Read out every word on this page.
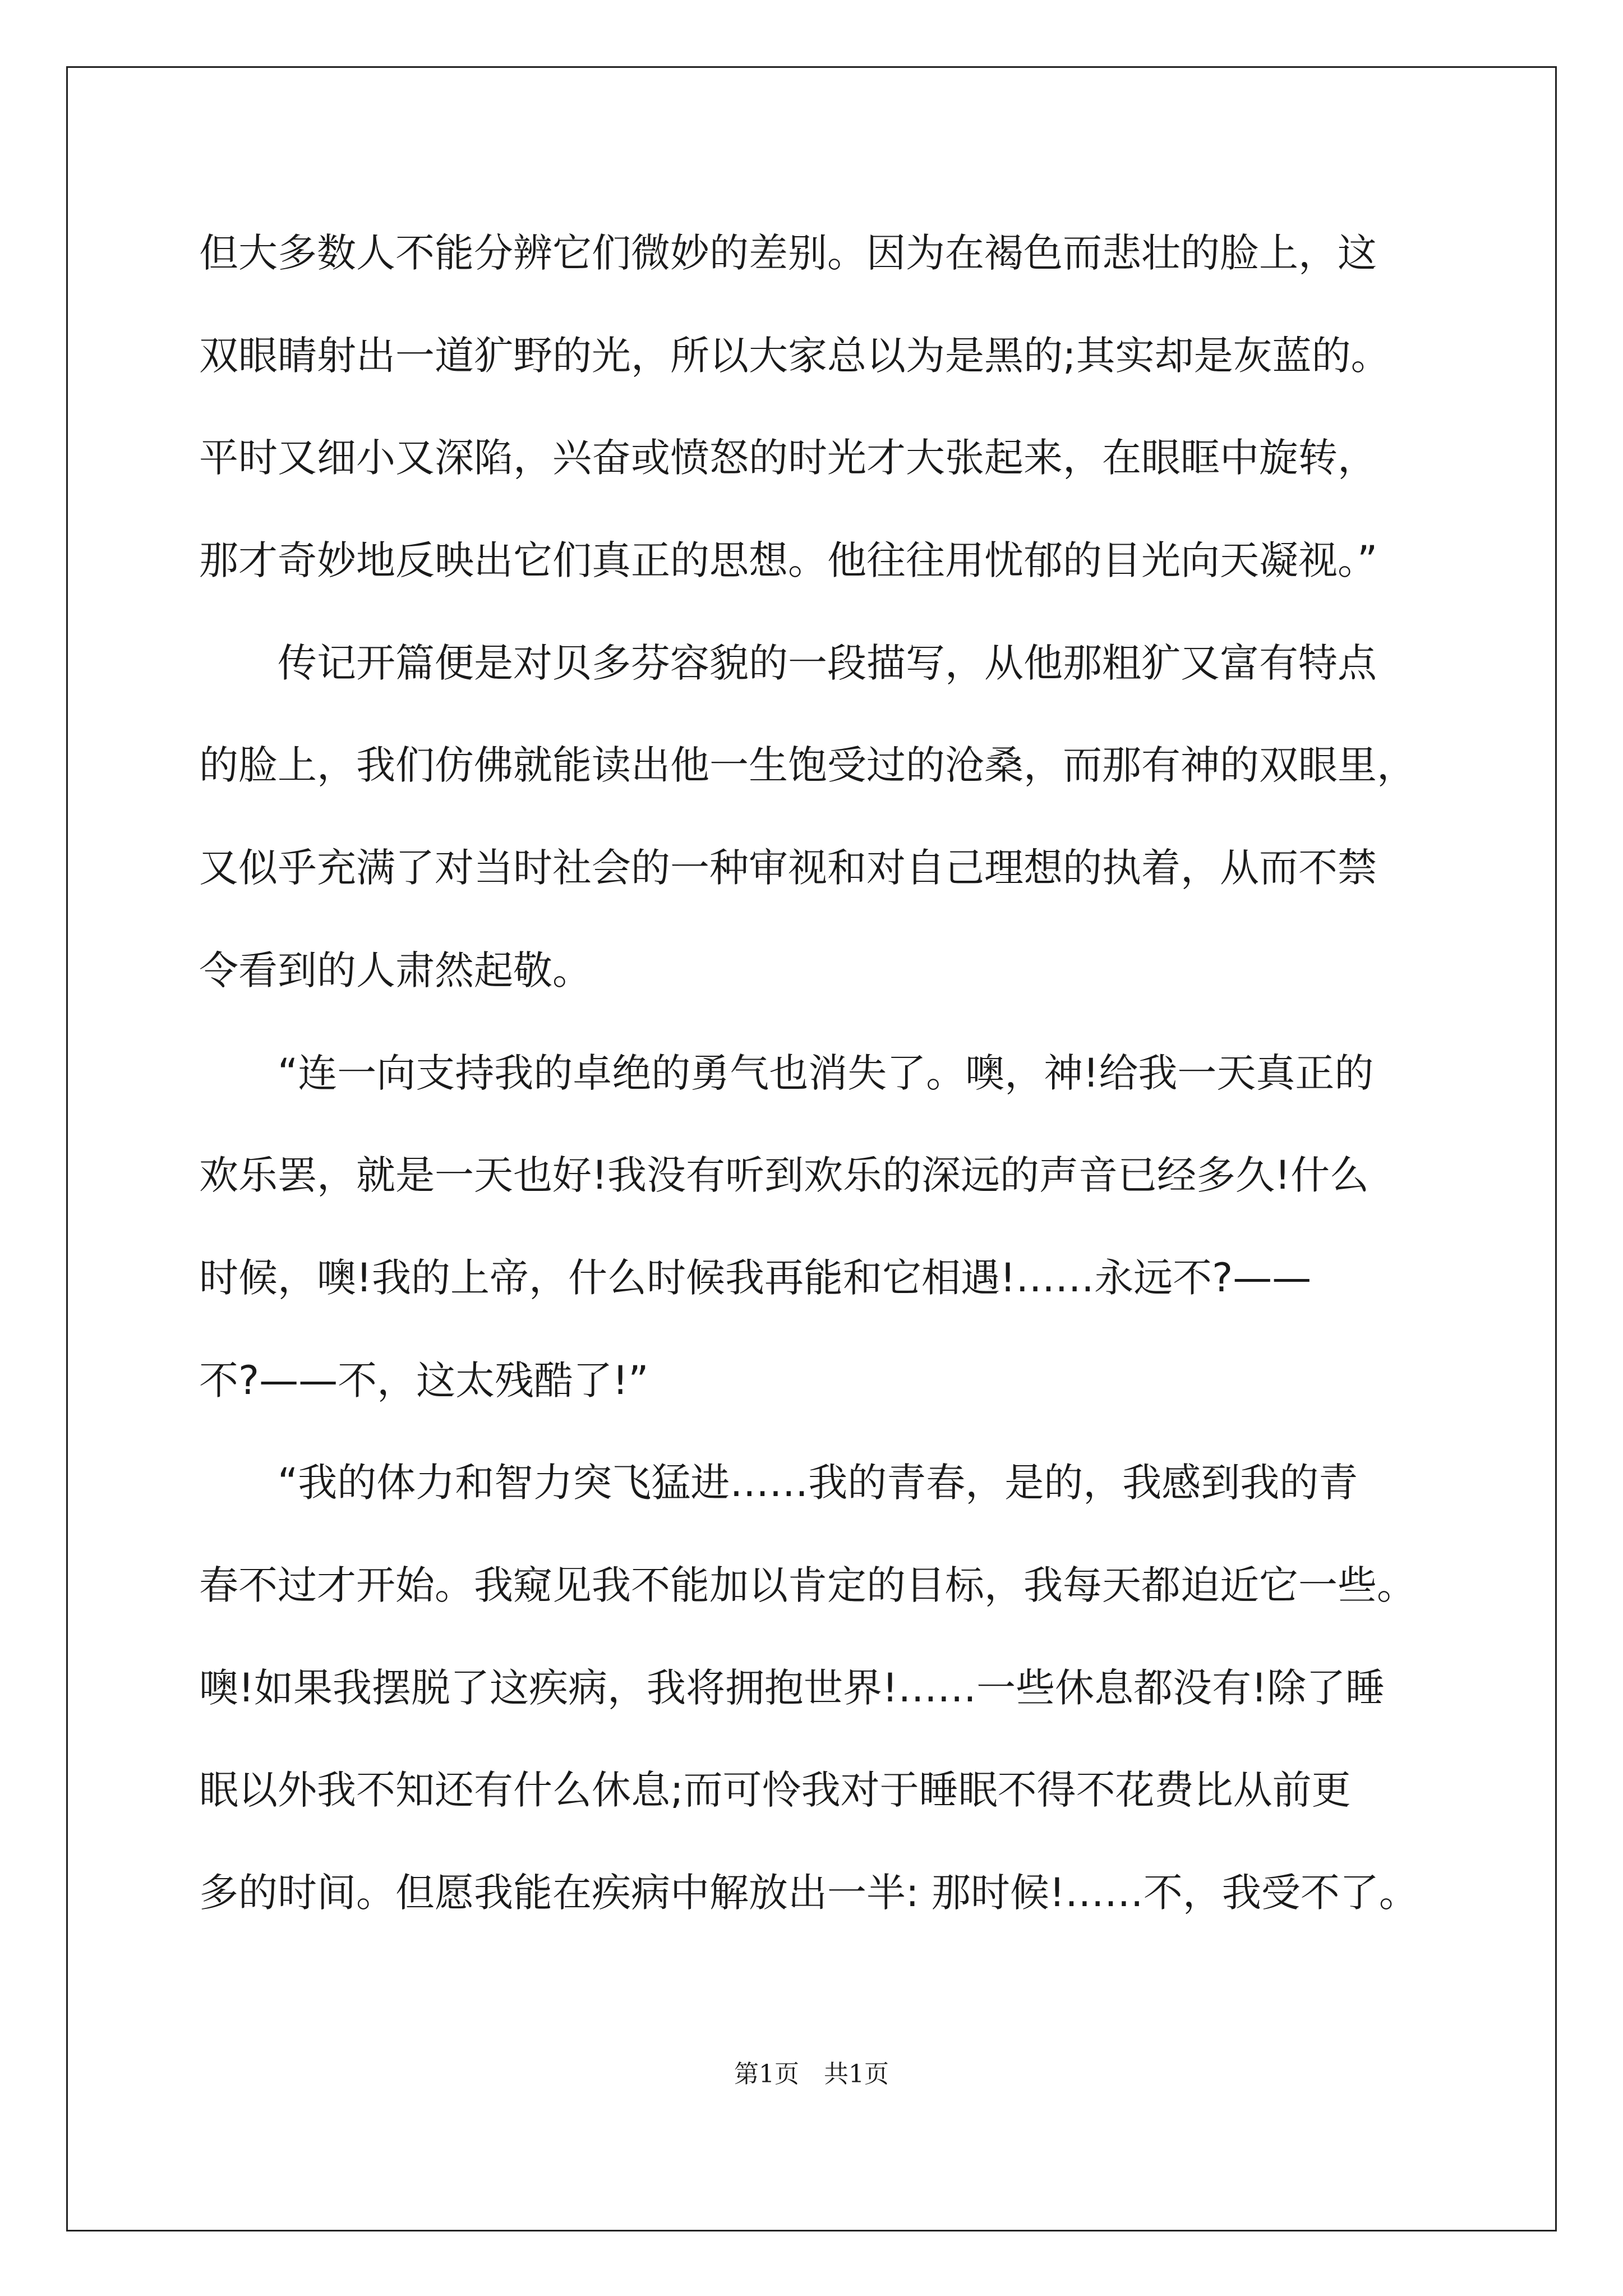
但大多数人不能分辨它们微妙的差别。因为在褐色而悲壮的脸上，这
双眼睛射出一道犷野的光，所以大家总以为是黑的;其实却是灰蓝的。
平时又细小又深陷，兴奋或愤怒的时光才大张起来，在眼眶中旋转，
那才奇妙地反映出它们真正的思想。他往往用忧郁的目光向天凝视。”
　　传记开篇便是对贝多芬容貌的一段描写，从他那粗犷又富有特点
的脸上，我们仿佛就能读出他一生饱受过的沧桑，而那有神的双眼里，
又似乎充满了对当时社会的一种审视和对自己理想的执着，从而不禁
令看到的人肃然起敬。
　　“连一向支持我的卓绝的勇气也消失了。噢，神!给我一天真正的
欢乐罢，就是一天也好!我没有听到欢乐的深远的声音已经多久!什么
时候，噢!我的上帝，什么时候我再能和它相遇!……永远不?——
不?——不，这太残酷了!”
　　“我的体力和智力突飞猛进……我的青春，是的，我感到我的青
春不过才开始。我窥见我不能加以肯定的目标，我每天都迫近它一些。
噢!如果我摆脱了这疾病，我将拥抱世界!……一些休息都没有!除了睡
眠以外我不知还有什么休息;而可怜我对于睡眠不得不花费比从前更
多的时间。但愿我能在疾病中解放出一半: 那时候!……不，我受不了。
第1页 共1页
